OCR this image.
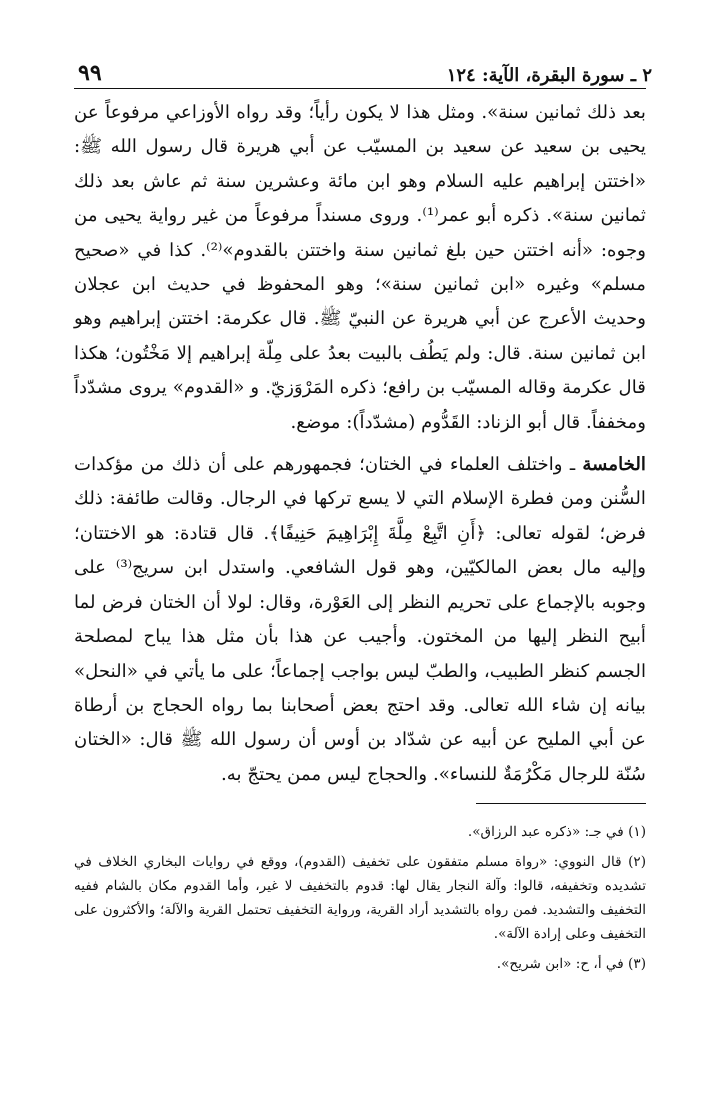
٢ ـ سورة البقرة، الآية: ١٢٤
٩٩

بعد ذلك ثمانين سنة». ومثل هذا لا يكون رأياً؛ وقد رواه الأوزاعي مرفوعاً عن يحيى بن سعيد عن سعيد بن المسيّب عن أبي هريرة قال رسول الله ﷺ: «اختتن إبراهيم عليه السلام وهو ابن مائة وعشرين سنة ثم عاش بعد ذلك ثمانين سنة». ذكره أبو عمر⁽¹⁾. وروى مسنداً مرفوعاً من غير رواية يحيى من وجوه: «أنه اختتن حين بلغ ثمانين سنة واختتن بالقدوم»⁽²⁾. كذا في «صحيح مسلم» وغيره «ابن ثمانين سنة»؛ وهو المحفوظ في حديث ابن عجلان وحديث الأعرج عن أبي هريرة عن النبيّ ﷺ. قال عكرمة: اختتن إبراهيم وهو ابن ثمانين سنة. قال: ولم يَطُف بالبيت بعدُ على مِلّة إبراهيم إلا مَخْتُون؛ هكذا قال عكرمة وقاله المسيّب بن رافع؛ ذكره المَرْوَزيّ. و «القدوم» يروى مشدّداً ومخففاً. قال أبو الزناد: القَدُّوم (مشدّداً): موضع.

الخامسة ـ واختلف العلماء في الختان؛ فجمهورهم على أن ذلك من مؤكدات السُّنن ومن فطرة الإسلام التي لا يسع تركها في الرجال. وقالت طائفة: ذلك فرض؛ لقوله تعالى: ﴿أَنِ اتَّبِعْ مِلَّةَ إِبْرَاهِيمَ حَنِيفًا﴾. قال قتادة: هو الاختتان؛ وإليه مال بعض المالكيّين، وهو قول الشافعي. واستدل ابن سريج⁽³⁾ على وجوبه بالإجماع على تحريم النظر إلى العَوْرة، وقال: لولا أن الختان فرض لما أبيح النظر إليها من المختون. وأجيب عن هذا بأن مثل هذا يباح لمصلحة الجسم كنظر الطبيب، والطبّ ليس بواجب إجماعاً؛ على ما يأتي في «النحل» بيانه إن شاء الله تعالى. وقد احتج بعض أصحابنا بما رواه الحجاج بن أرطاة عن أبي المليح عن أبيه عن شدّاد بن أوس أن رسول الله ﷺ قال: «الختان سُنّة للرجال مَكْرُمَةٌ للنساء». والحجاج ليس ممن يحتجّ به.

(١) في جـ: «ذكره عبد الرزاق».

(٢) قال النووي: «رواة مسلم متفقون على تخفيف (القدوم)، ووقع في روايات البخاري الخلاف في تشديده وتخفيفه، قالوا: وآلة النجار يقال لها: قدوم بالتخفيف لا غير، وأما القدوم مكان بالشام ففيه التخفيف والتشديد. فمن رواه بالتشديد أراد القرية، ورواية التخفيف تحتمل القرية والآلة؛ والأكثرون على التخفيف وعلى إرادة الآلة».

(٣) في أ، ح: «ابن شريح».
